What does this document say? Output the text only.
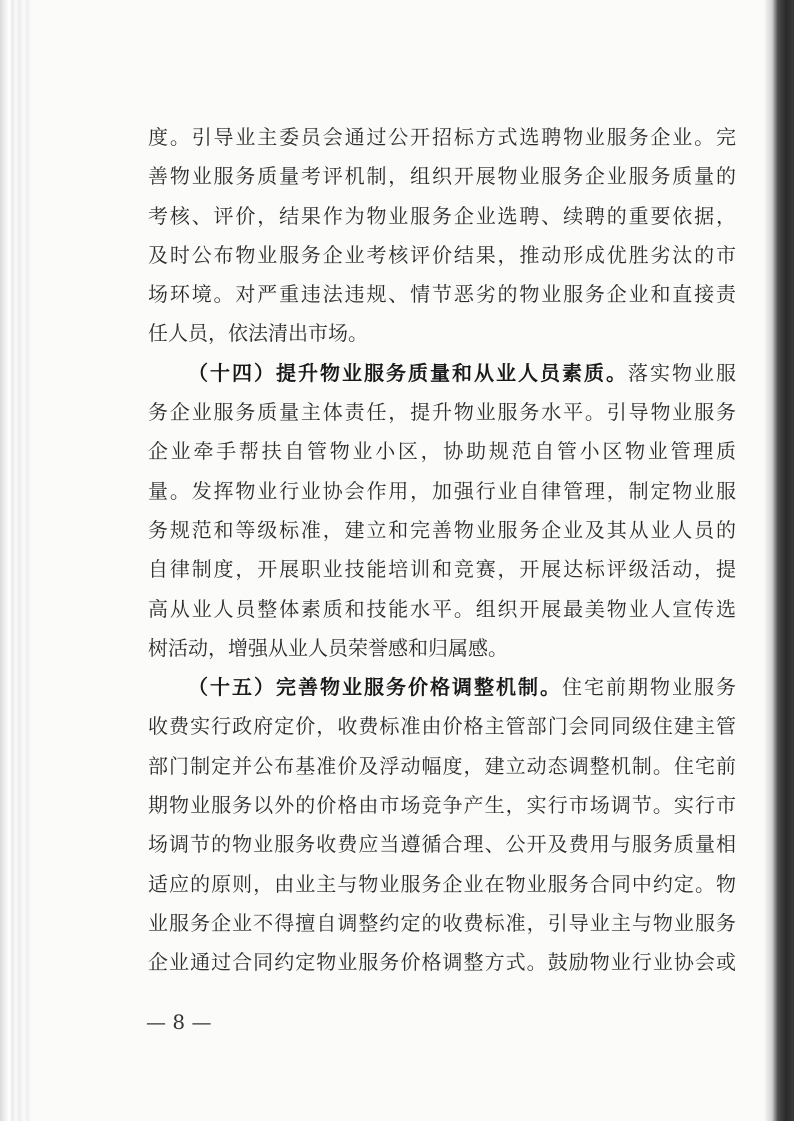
度。引导业主委员会通过公开招标方式选聘物业服务企业。完
善物业服务质量考评机制，组织开展物业服务企业服务质量的
考核、评价，结果作为物业服务企业选聘、续聘的重要依据，
及时公布物业服务企业考核评价结果，推动形成优胜劣汰的市
场环境。对严重违法违规、情节恶劣的物业服务企业和直接责
任人员，依法清出市场。
（十四）提升物业服务质量和从业人员素质。落实物业服
务企业服务质量主体责任，提升物业服务水平。引导物业服务
企业牵手帮扶自管物业小区，协助规范自管小区物业管理质
量。发挥物业行业协会作用，加强行业自律管理，制定物业服
务规范和等级标准，建立和完善物业服务企业及其从业人员的
自律制度，开展职业技能培训和竞赛，开展达标评级活动，提
高从业人员整体素质和技能水平。组织开展最美物业人宣传选
树活动，增强从业人员荣誉感和归属感。
（十五）完善物业服务价格调整机制。住宅前期物业服务
收费实行政府定价，收费标准由价格主管部门会同同级住建主管
部门制定并公布基准价及浮动幅度，建立动态调整机制。住宅前
期物业服务以外的价格由市场竞争产生，实行市场调节。实行市
场调节的物业服务收费应当遵循合理、公开及费用与服务质量相
适应的原则，由业主与物业服务企业在物业服务合同中约定。物
业服务企业不得擅自调整约定的收费标准，引导业主与物业服务
企业通过合同约定物业服务价格调整方式。鼓励物业行业协会或
— 8 —
